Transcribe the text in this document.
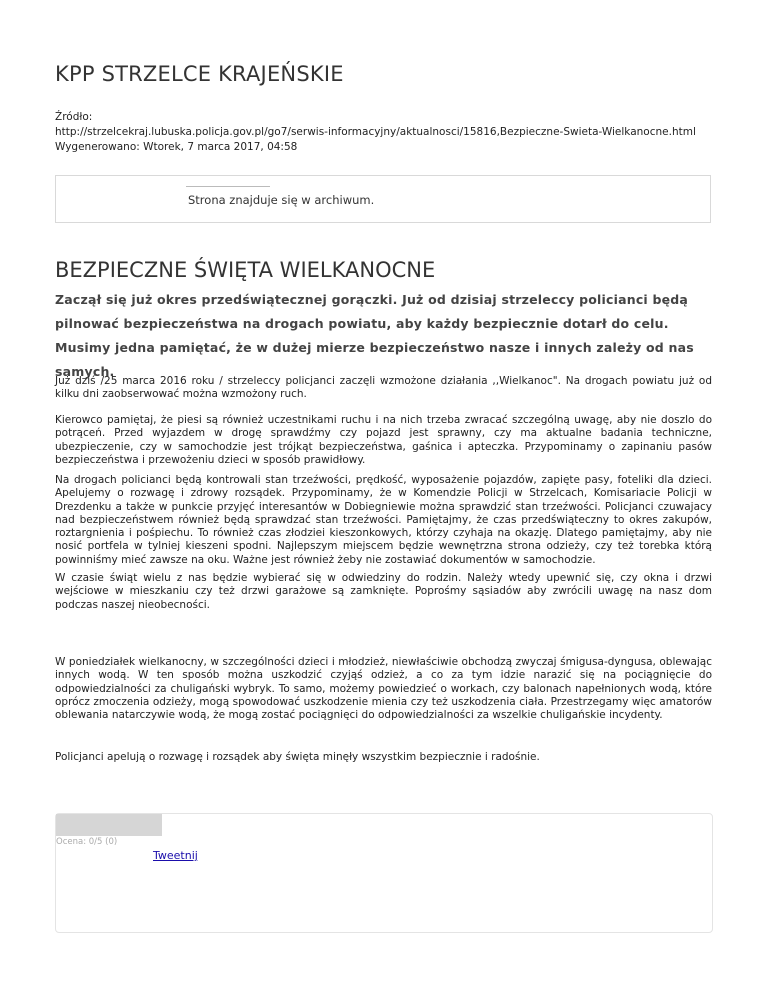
KPP STRZELCE KRAJEŃSKIE
Źródło:
http://strzelcekraj.lubuska.policja.gov.pl/go7/serwis-informacyjny/aktualnosci/15816,Bezpieczne-Swieta-Wielkanocne.html
Wygenerowano: Wtorek, 7 marca 2017, 04:58
Strona znajduje się w archiwum.
BEZPIECZNE ŚWIĘTA WIELKANOCNE

Zaczął się już okres przedświątecznej gorączki. Już od dzisiaj strzeleccy policianci będą pilnować bezpieczeństwa na drogach powiatu, aby każdy bezpiecznie dotarł do celu. Musimy jedna pamiętać, że w dużej mierze bezpieczeństwo nasze i innych zależy od nas samych.

Już dziś /25 marca 2016 roku / strzeleccy policjanci zaczęli wzmożone działania ,,Wielkanoc". Na drogach powiatu już od kilku dni zaobserwować można wzmożony ruch.

Kierowco pamiętaj, że piesi są również uczestnikami ruchu i na nich trzeba zwracać szczególną uwagę, aby nie doszlo do potrąceń. Przed wyjazdem w drogę sprawdźmy czy pojazd jest sprawny, czy ma aktualne badania techniczne, ubezpieczenie, czy w samochodzie jest trójkąt bezpieczeństwa, gaśnica i apteczka. Przypominamy o zapinaniu pasów bezpieczeństwa i przewożeniu dzieci w sposób prawidłowy.

Na drogach policianci będą kontrowali stan trzeźwości, prędkość, wyposażenie pojazdów, zapięte pasy, foteliki dla dzieci. Apelujemy o rozwagę i zdrowy rozsądek. Przypominamy, że w Komendzie Policji w Strzelcach, Komisariacie Policji w Drezdenku a także w punkcie przyjęć interesantów w Dobiegniewie można sprawdzić stan trzeźwości. Policjanci czuwajacy nad bezpieczeństwem również będą sprawdzać stan trzeźwości. Pamiętajmy, że czas przedświąteczny to okres zakupów, roztargnienia i pośpiechu. To również czas złodziei kieszonkowych, którzy czyhaja na okazję. Dlatego pamiętajmy, aby nie nosić portfela w tylniej kieszeni spodni. Najlepszym miejscem będzie wewnętrzna strona odzieży, czy też torebka którą powinniśmy mieć zawsze na oku. Ważne jest również żeby nie zostawiać dokumentów w samochodzie.

W czasie świąt wielu z nas będzie wybierać się w odwiedziny do rodzin. Należy wtedy upewnić się, czy okna i drzwi wejściowe w mieszkaniu czy też drzwi garażowe są zamknięte. Poprośmy sąsiadów aby zwrócili uwagę na nasz dom podczas naszej nieobecności.

W poniedziałek wielkanocny, w szczególności dzieci i młodzież, niewłaściwie obchodzą zwyczaj śmigusa-dyngusa, oblewając innych wodą. W ten sposób można uszkodzić czyjąś odzież, a co za tym idzie narazić się na pociągnięcie do odpowiedzialności za chuligański wybryk. To samo, możemy powiedzieć o workach, czy balonach napełnionych wodą, które oprócz zmoczenia odzieży, mogą spowodować uszkodzenie mienia czy też uszkodzenia ciała. Przestrzegamy więc amatorów oblewania natarczywie wodą, że mogą zostać pociągnięci do odpowiedzialności za wszelkie chuligańskie incydenty.

Policjanci apelują o rozwagę i rozsądek aby święta minęły wszystkim bezpiecznie i radośnie.

Ocena: 0/5 (0)
Tweetnij
